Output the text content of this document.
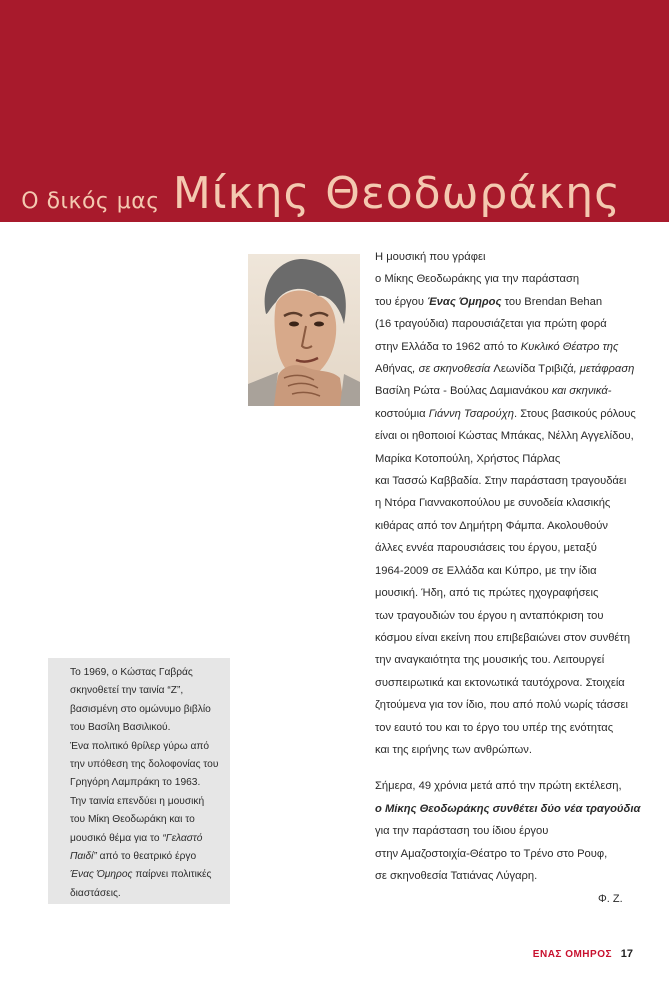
Ο δικός μας Μίκης Θεοδωράκης
Η μουσική που γράφει
ο Μίκης Θεοδωράκης για την παράσταση
του έργου Ένας Όμηρος του Brendan Behan
(16 τραγούδια) παρουσιάζεται για πρώτη φορά
στην Ελλάδα το 1962 από το Κυκλικό Θέατρο της
Αθήνας, σε σκηνοθεσία Λεωνίδα Τριβιζά, μετάφραση
Βασίλη Ρώτα - Βούλας Δαμιανάκου και σκηνικά-
κοστούμια Γιάννη Τσαρούχη. Στους βασικούς ρόλους
είναι οι ηθοποιοί Κώστας Μπάκας, Νέλλη Αγγελίδου,
Μαρίκα Κοτοπούλη, Χρήστος Πάρλας
και Τασσώ Καββαδία. Στην παράσταση τραγουδάει
η Ντόρα Γιαννακοπούλου με συνοδεία κλασικής
κιθάρας από τον Δημήτρη Φάμπα. Ακολουθούν
άλλες εννέα παρουσιάσεις του έργου, μεταξύ
1964-2009 σε Ελλάδα και Κύπρο, με την ίδια
μουσική. Ήδη, από τις πρώτες ηχογραφήσεις
των τραγουδιών του έργου η ανταπόκριση του
κόσμου είναι εκείνη που επιβεβαιώνει στον συνθέτη
την αναγκαιότητα της μουσικής του. Λειτουργεί
συσπειρωτικά και εκτονωτικά ταυτόχρονα. Στοιχεία
ζητούμενα για τον ίδιο, που από πολύ νωρίς τάσσει
τον εαυτό του και το έργο του υπέρ της ενότητας
και της ειρήνης των ανθρώπων.
Σήμερα, 49 χρόνια μετά από την πρώτη εκτέλεση,
ο Μίκης Θεοδωράκης συνθέτει δύο νέα τραγούδια
για την παράσταση του ίδιου έργου
στην Αμαζοστοιχία-Θέατρο το Τρένο στο Ρουφ,
σε σκηνοθεσία Τατιάνας Λύγαρη.
Φ. Ζ.
Το 1969, ο Κώστας Γαβράς
σκηνοθετεί την ταινία “Ζ”,
βασισμένη στο ομώνυμο βιβλίο
του Βασίλη Βασιλικού.
Ένα πολιτικό θρίλερ γύρω από
την υπόθεση της δολοφονίας του
Γρηγόρη Λαμπράκη το 1963.
Την ταινία επενδύει η μουσική
του Μίκη Θεοδωράκη και το
μουσικό θέμα για το “Γελαστό
Παιδί” από το θεατρικό έργο
Ένας Όμηρος παίρνει πολιτικές
διαστάσεις.
ΕΝΑΣ ΟΜΗΡΟΣ 17
